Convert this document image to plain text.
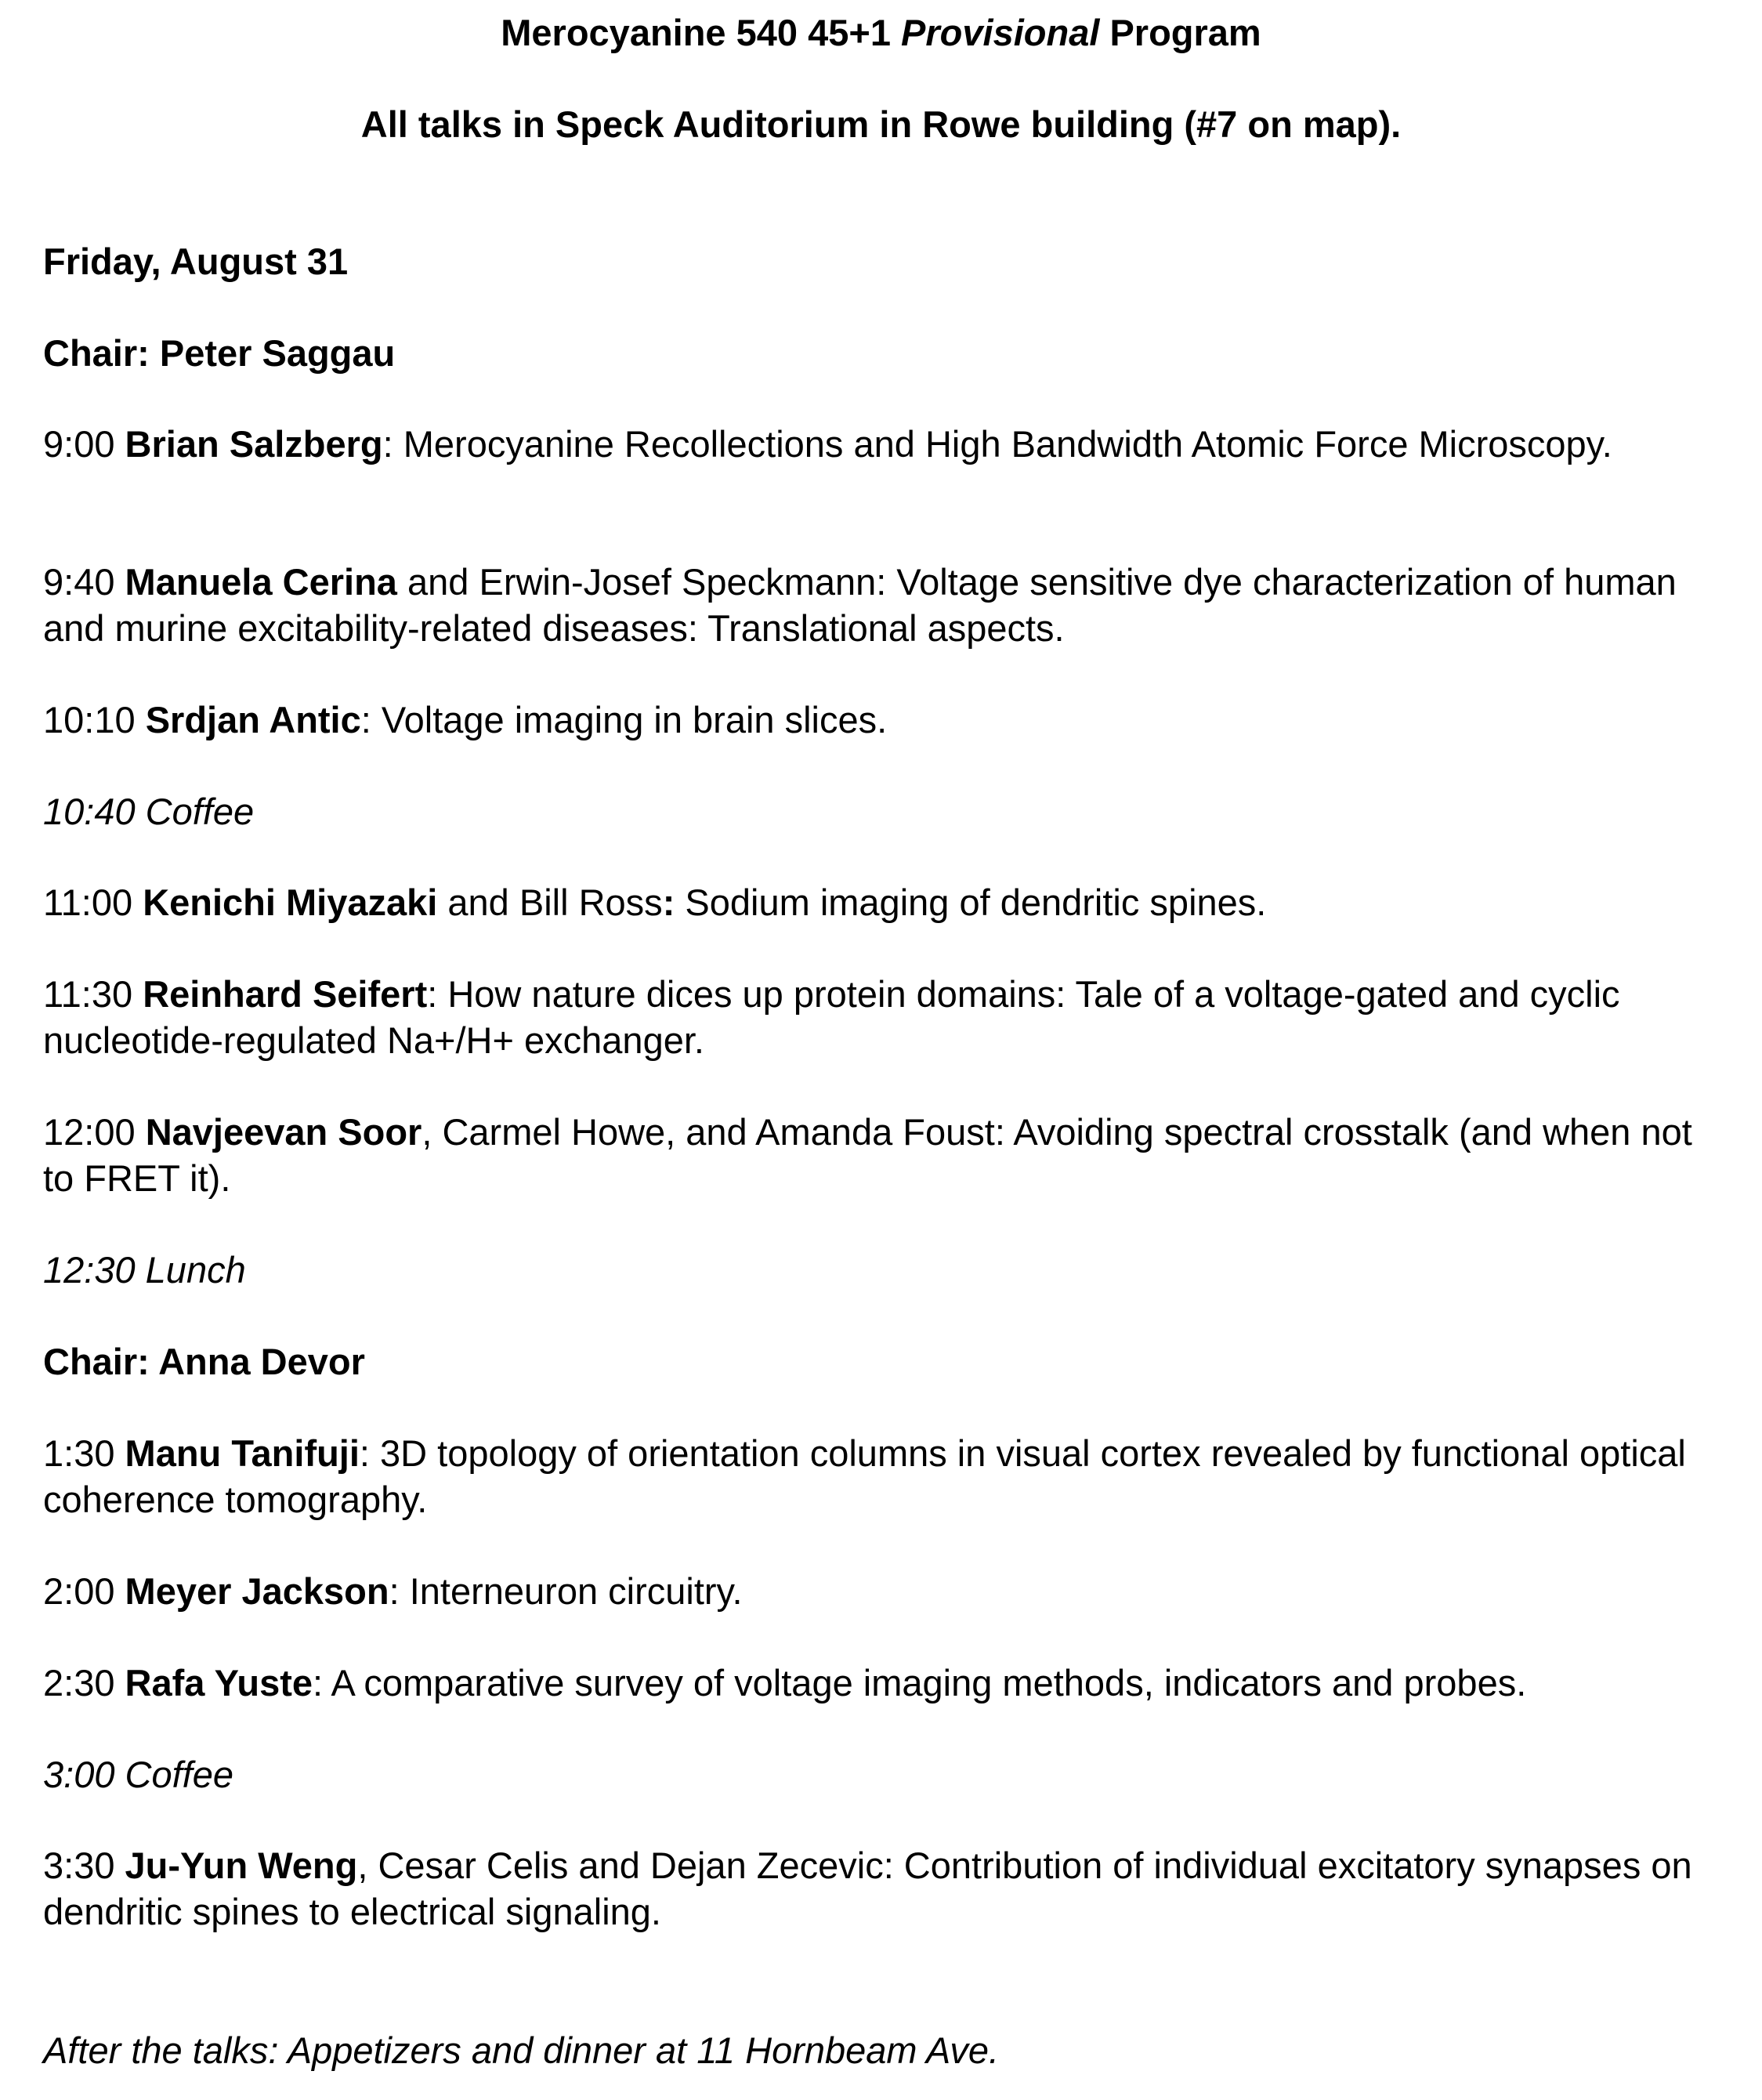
Merocyanine 540 45+1 Provisional Program
All talks in Speck Auditorium in Rowe building (#7 on map).
Friday, August 31
Chair: Peter Saggau
9:00 Brian Salzberg: Merocyanine Recollections and High Bandwidth Atomic Force Microscopy.
9:40 Manuela Cerina and Erwin-Josef Speckmann: Voltage sensitive dye characterization of human and murine excitability-related diseases: Translational aspects.
10:10 Srdjan Antic: Voltage imaging in brain slices.
10:40 Coffee
11:00 Kenichi Miyazaki and Bill Ross: Sodium imaging of dendritic spines.
11:30 Reinhard Seifert: How nature dices up protein domains: Tale of a voltage-gated and cyclic nucleotide-regulated Na+/H+ exchanger.
12:00 Navjeevan Soor, Carmel Howe, and Amanda Foust: Avoiding spectral crosstalk (and when not to FRET it).
12:30 Lunch
Chair: Anna Devor
1:30 Manu Tanifuji: 3D topology of orientation columns in visual cortex revealed by functional optical coherence tomography.
2:00 Meyer Jackson: Interneuron circuitry.
2:30 Rafa Yuste: A comparative survey of voltage imaging methods, indicators and probes.
3:00 Coffee
3:30 Ju-Yun Weng, Cesar Celis and Dejan Zecevic: Contribution of individual excitatory synapses on dendritic spines to electrical signaling.
After the talks: Appetizers and dinner at 11 Hornbeam Ave.
